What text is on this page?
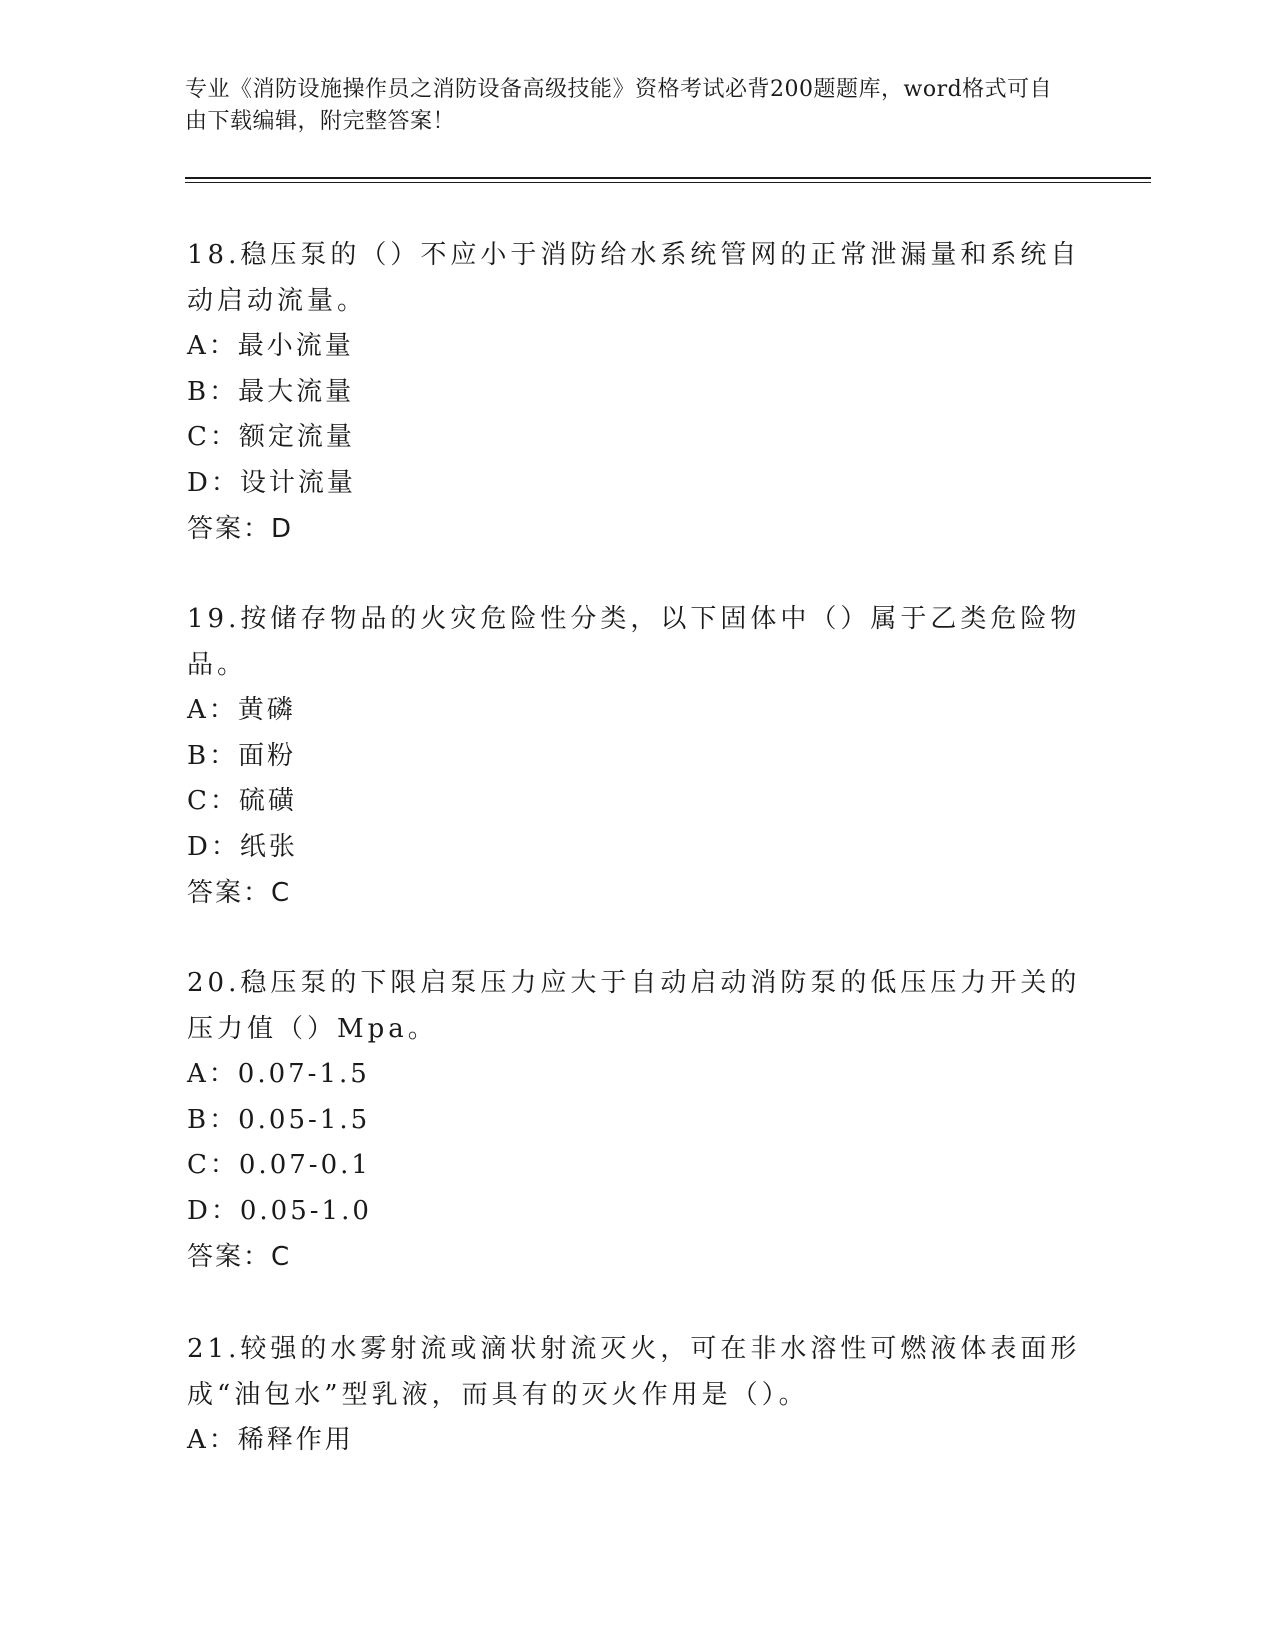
专业《消防设施操作员之消防设备高级技能》资格考试必背200题题库，word格式可自由下载编辑，附完整答案！

18.稳压泵的（）不应小于消防给水系统管网的正常泄漏量和系统自动启动流量。

A：最小流量

B：最大流量

C：额定流量

D：设计流量

答案：D

19.按储存物品的火灾危险性分类，以下固体中（）属于乙类危险物品。

A：黄磷

B：面粉

C：硫磺

D：纸张

答案：C

20.稳压泵的下限启泵压力应大于自动启动消防泵的低压压力开关的压力值（）Mpa。

A：0.07-1.5

B：0.05-1.5

C：0.07-0.1

D：0.05-1.0

答案：C

21.较强的水雾射流或滴状射流灭火，可在非水溶性可燃液体表面形成“油包水”型乳液，而具有的灭火作用是（）。

A：稀释作用
